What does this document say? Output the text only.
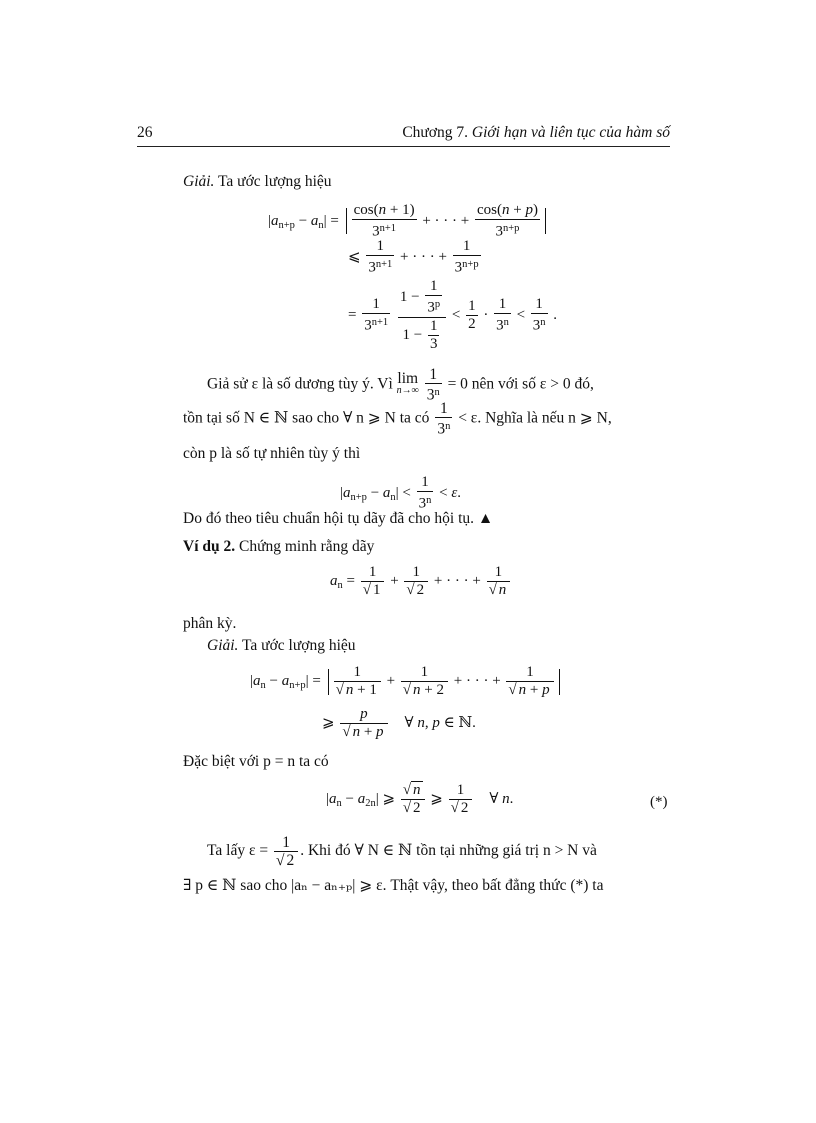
26	Chương 7. Giới hạn và liên tục của hàm số
Giải. Ta ước lượng hiệu
$|a_{n+p} - a_n| = \frac{\cos(n + 1)}{3^{n+1}}$ + · · · + $\frac{\cos(n + p)}{3^{n+p}}$
⩽ $\frac{1}{3^{n+1}}$ + · · · + $\frac{1}{3^{n+p}}$
= $\frac{1}{3^{n+1}}$
$\frac{1 - \frac{1}{3^p}}{1 - \frac{1}{3}} < \frac{1}{2} \cdot \frac{1}{3^n} < \frac{1}{3^n}$ .
Giả sử ε là số dương tùy ý. Vì lim
n→∞
$\frac{1}{3^n} = 0$ nên với số ε > 0 đó,
tồn tại số N ∈ ℕ sao cho ∀ n ⩾ N ta có $\frac{1}{3^n} < \varepsilon$. Nghĩa là nếu n ⩾ N,
còn p là số tự nhiên tùy ý thì
$|a_{n+p} - a_n| < \frac{1}{3^n} < \varepsilon$.
Do đó theo tiêu chuẩn hội tụ dãy đã cho hội tụ. ▲
Ví dụ 2. Chứng minh rằng dãy
$a_n = \frac{1}{√ 1} + \frac{1}{√ 2}$ + · · · + $\frac{1}{√ n}$
phân kỳ.
Giải. Ta ước lượng hiệu
$|a_n - a_{n+p}| = \frac{1}{√ n + 1} + \frac{1}{√ n + 2}$ + · · · + $\frac{1}{√ n + p}$
⩾ $\frac{p}{√ n + p}$ ∀ n, p ∈ ℕ.
Đặc biệt với p = n ta có
$|a_n - a_{2n}|$ ⩾ $\frac{√ n}{√ 2}$ ⩾ $\frac{1}{√ 2}$ ∀ n.	(*)
Ta lấy $\varepsilon = \frac{1}{√ 2}$ . Khi đó ∀ N ∈ ℕ tồn tại những giá trị n > N và
∃ p ∈ ℕ sao cho |aₙ − aₙ₊ₚ| ⩾ ε. Thật vậy, theo bất đẳng thức (*) ta
